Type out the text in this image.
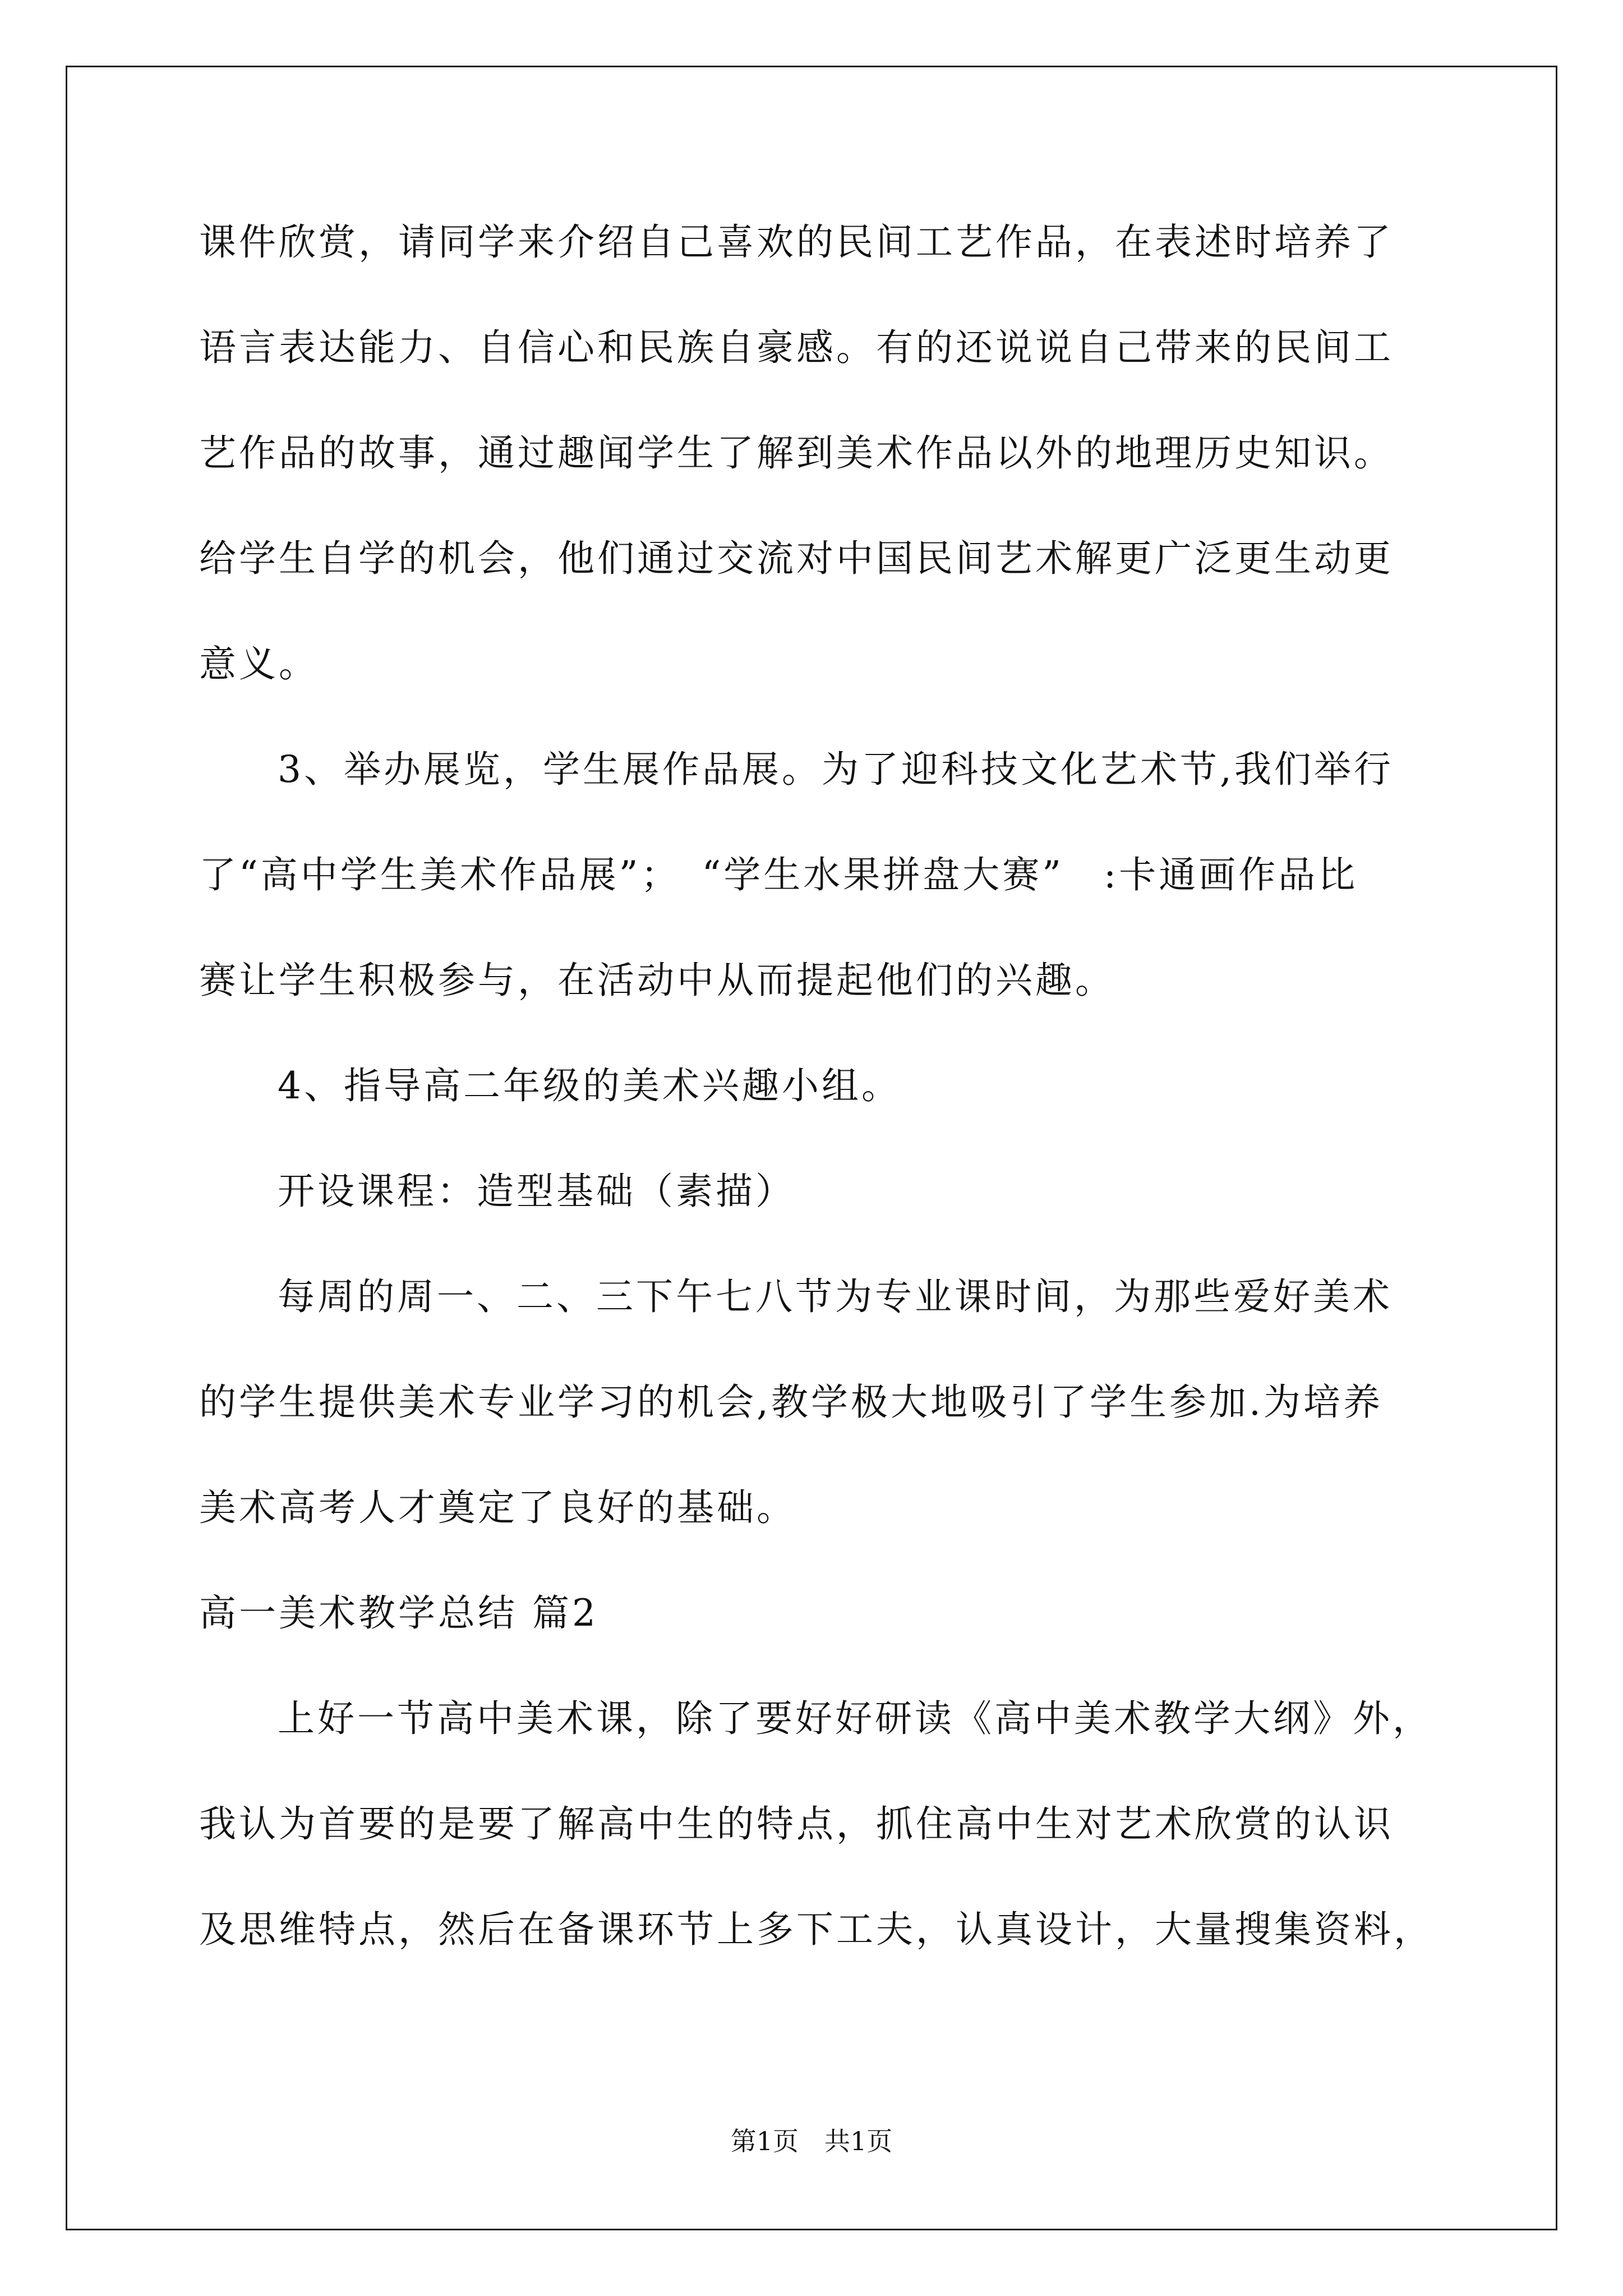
课件欣赏，请同学来介绍自己喜欢的民间工艺作品，在表述时培养了
语言表达能力、自信心和民族自豪感。有的还说说自己带来的民间工
艺作品的故事，通过趣闻学生了解到美术作品以外的地理历史知识。
给学生自学的机会，他们通过交流对中国民间艺术解更广泛更生动更
意义。
3、举办展览，学生展作品展。为了迎科技文化艺术节,我们举行
了“高中学生美术作品展”；　“学生水果拼盘大赛”　:卡通画作品比
赛让学生积极参与，在活动中从而提起他们的兴趣。
4、指导高二年级的美术兴趣小组。
开设课程：造型基础（素描）
每周的周一、二、三下午七八节为专业课时间，为那些爱好美术
的学生提供美术专业学习的机会,教学极大地吸引了学生参加.为培养
美术高考人才奠定了良好的基础。
高一美术教学总结 篇2
上好一节高中美术课，除了要好好研读《高中美术教学大纲》外，
我认为首要的是要了解高中生的特点，抓住高中生对艺术欣赏的认识
及思维特点，然后在备课环节上多下工夫，认真设计，大量搜集资料，
第1页　共1页
